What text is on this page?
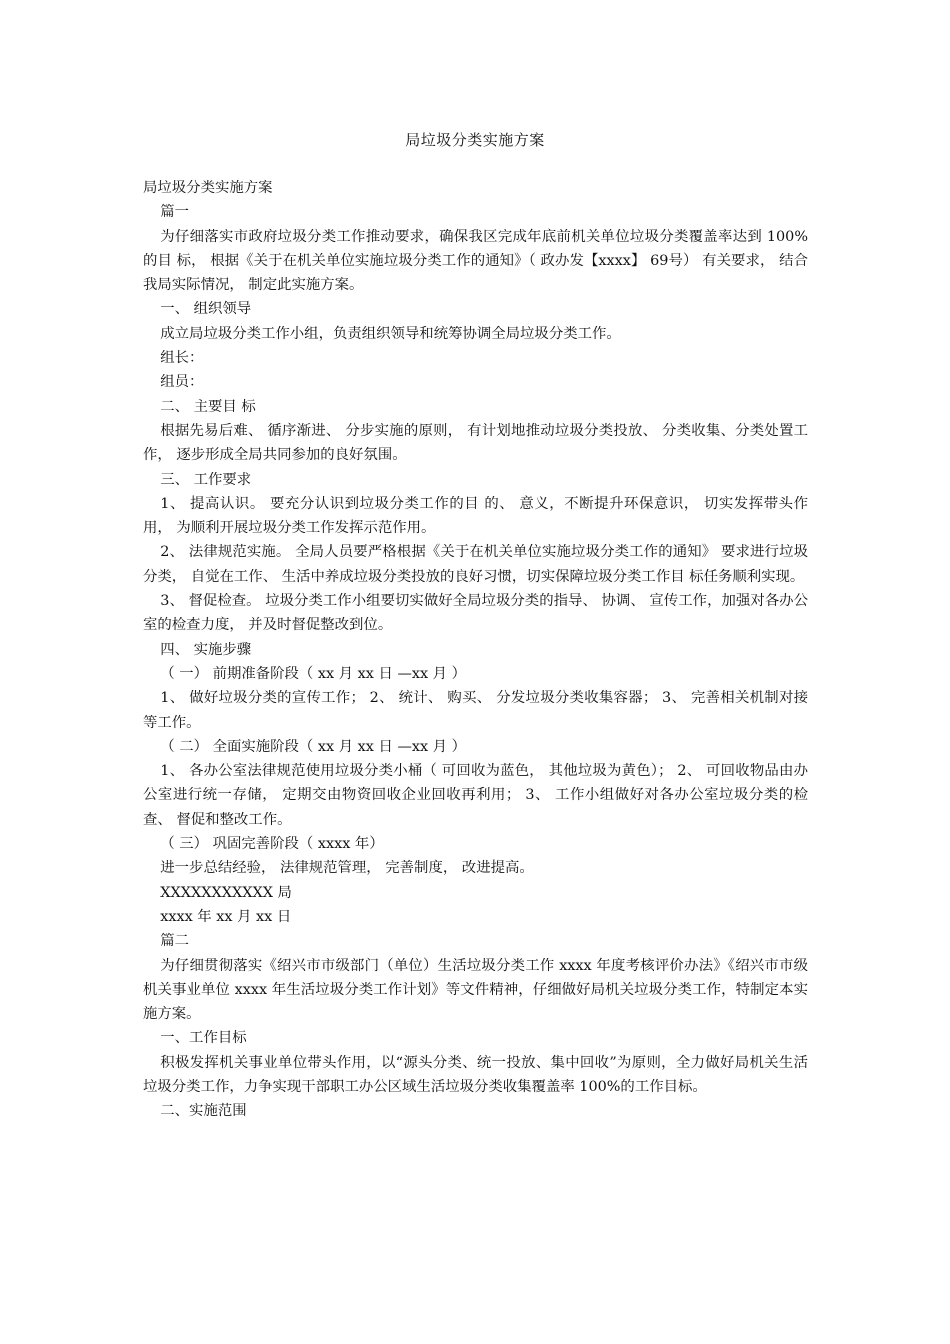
局垃圾分类实施方案

局垃圾分类实施方案

篇一

为仔细落实市政府垃圾分类工作推动要求，确保我区完成年底前机关单位垃圾分类覆盖率达到 100%的目 标， 根据《关于在机关单位实施垃圾分类工作的通知》（ 政办发【xxxx】 69号） 有关要求， 结合我局实际情况， 制定此实施方案。

一、 组织领导

成立局垃圾分类工作小组，负责组织领导和统筹协调全局垃圾分类工作。

组长：

组员：

二、 主要目 标

根据先易后难、 循序渐进、 分步实施的原则， 有计划地推动垃圾分类投放、 分类收集、分类处置工作， 逐步形成全局共同参加的良好氛围。

三、 工作要求

1、 提高认识。 要充分认识到垃圾分类工作的目 的、 意义，不断提升环保意识， 切实发挥带头作用， 为顺利开展垃圾分类工作发挥示范作用。

2、 法律规范实施。 全局人员要严格根据《关于在机关单位实施垃圾分类工作的通知》 要求进行垃圾分类， 自觉在工作、 生活中养成垃圾分类投放的良好习惯，切实保障垃圾分类工作目 标任务顺利实现。

3、 督促检查。 垃圾分类工作小组要切实做好全局垃圾分类的指导、 协调、 宣传工作，加强对各办公室的检查力度， 并及时督促整改到位。

四、 实施步骤

（ 一） 前期准备阶段（ xx 月 xx 日 —xx 月 ）

1、 做好垃圾分类的宣传工作； 2、 统计、 购买、 分发垃圾分类收集容器； 3、 完善相关机制对接等工作。

（ 二） 全面实施阶段（ xx 月 xx 日 —xx 月 ）

1、 各办公室法律规范使用垃圾分类小桶（ 可回收为蓝色， 其他垃圾为黄色）； 2、 可回收物品由办公室进行统一存储， 定期交由物资回收企业回收再利用； 3、 工作小组做好对各办公室垃圾分类的检查、 督促和整改工作。

（ 三） 巩固完善阶段（ xxxx 年）

进一步总结经验， 法律规范管理， 完善制度， 改进提高。

XXXXXXXXXXX 局

xxxx 年 xx 月 xx 日

篇二

为仔细贯彻落实《绍兴市市级部门（单位）生活垃圾分类工作 xxxx 年度考核评价办法》《绍兴市市级机关事业单位 xxxx 年生活垃圾分类工作计划》等文件精神，仔细做好局机关垃圾分类工作，特制定本实施方案。

一、工作目标

积极发挥机关事业单位带头作用，以“源头分类、统一投放、集中回收”为原则，全力做好局机关生活垃圾分类工作，力争实现干部职工办公区域生活垃圾分类收集覆盖率 100%的工作目标。

二、实施范围
